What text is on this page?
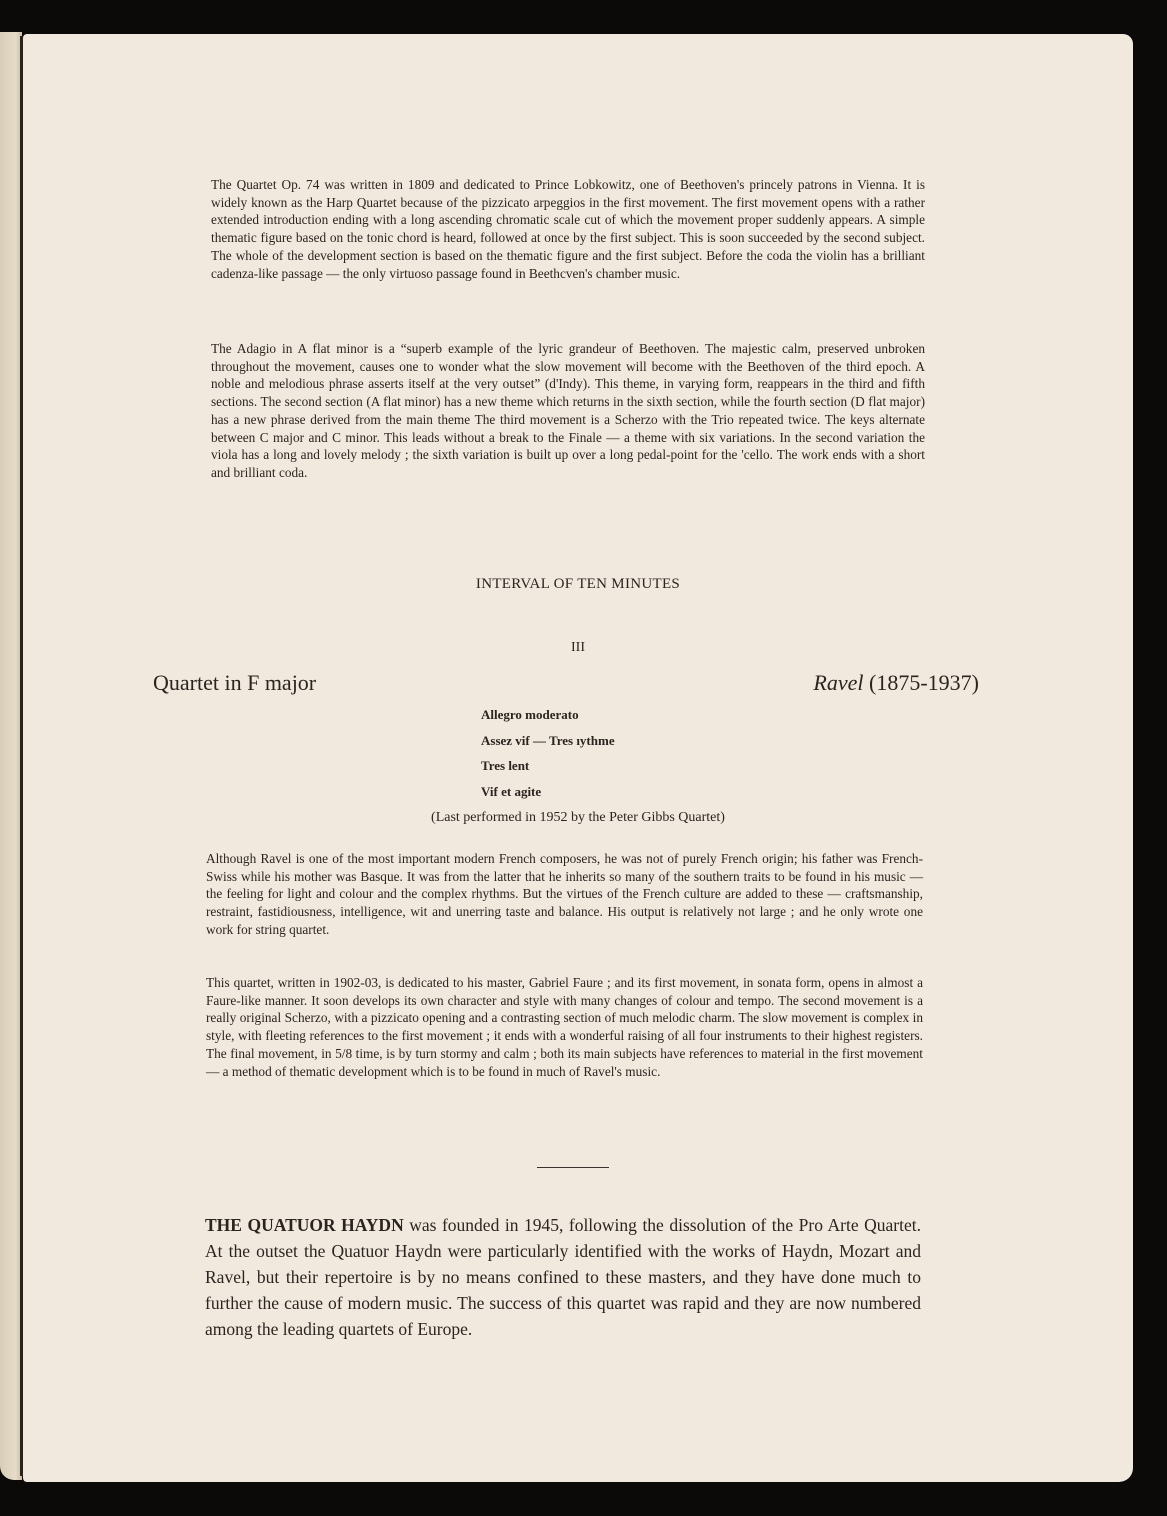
The Quartet Op. 74 was written in 1809 and dedicated to Prince Lobkowitz, one of Beethoven's princely patrons in Vienna. It is widely known as the Harp Quartet because of the pizzicato arpeggios in the first movement. The first movement opens with a rather extended introduction ending with a long ascending chromatic scale cut of which the movement proper suddenly appears. A simple thematic figure based on the tonic chord is heard, followed at once by the first subject. This is soon succeeded by the second subject. The whole of the development section is based on the thematic figure and the first subject. Before the coda the violin has a brilliant cadenza-like passage — the only virtuoso passage found in Beethcven's chamber music.

The Adagio in A flat minor is a “superb example of the lyric grandeur of Beethoven. The majestic calm, preserved unbroken throughout the movement, causes one to wonder what the slow movement will become with the Beethoven of the third epoch. A noble and melodious phrase asserts itself at the very outset” (d'Indy). This theme, in varying form, reappears in the third and fifth sections. The second section (A flat minor) has a new theme which returns in the sixth section, while the fourth section (D flat major) has a new phrase derived from the main theme The third movement is a Scherzo with the Trio repeated twice. The keys alternate between C major and C minor. This leads without a break to the Finale — a theme with six variations. In the second variation the viola has a long and lovely melody ; the sixth variation is built up over a long pedal-point for the 'cello. The work ends with a short and brilliant coda.

INTERVAL OF TEN MINUTES
III
Quartet in F major	Ravel (1875-1937)
Allegro moderato
Assez vif — Tres ıythme
Tres lent
Vif et agite
(Last performed in 1952 by the Peter Gibbs Quartet)

Although Ravel is one of the most important modern French composers, he was not of purely French origin; his father was French-Swiss while his mother was Basque. It was from the latter that he inherits so many of the southern traits to be found in his music — the feeling for light and colour and the complex rhythms. But the virtues of the French culture are added to these — craftsmanship, restraint, fastidiousness, intelligence, wit and unerring taste and balance. His output is relatively not large ; and he only wrote one work for string quartet.

This quartet, written in 1902-03, is dedicated to his master, Gabriel Faure ; and its first movement, in sonata form, opens in almost a Faure-like manner. It soon develops its own character and style with many changes of colour and tempo. The second movement is a really original Scherzo, with a pizzicato opening and a contrasting section of much melodic charm. The slow movement is complex in style, with fleeting references to the first movement ; it ends with a wonderful raising of all four instruments to their highest registers. The final movement, in 5/8 time, is by turn stormy and calm ; both its main subjects have references to material in the first movement — a method of thematic development which is to be found in much of Ravel's music.

THE QUATUOR HAYDN was founded in 1945, following the dissolution of the Pro Arte Quartet. At the outset the Quatuor Haydn were particularly identified with the works of Haydn, Mozart and Ravel, but their repertoire is by no means confined to these masters, and they have done much to further the cause of modern music. The success of this quartet was rapid and they are now numbered among the leading quartets of Europe.
